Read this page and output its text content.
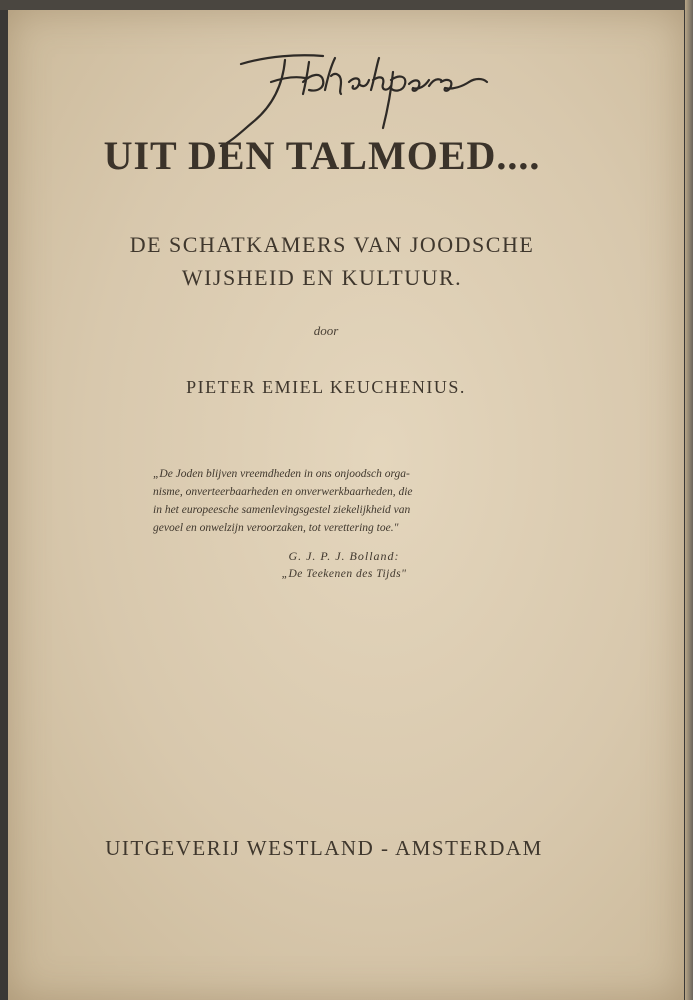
UIT DEN TALMOED....
DE SCHATKAMERS VAN JOODSCHE
WIJSHEID EN KULTUUR.
door
PIETER EMIEL KEUCHENIUS.
„De Joden blijven vreemdheden in ons onjoodsch orga-
nisme, onverteerbaarheden en onverwerkbaarheden, die
in het europeesche samenlevingsgestel ziekelijkheid van
gevoel en onwelzijn veroorzaken, tot verettering toe."
G. J. P. J. Bolland:
„De Teekenen des Tijds"
UITGEVERIJ WESTLAND - AMSTERDAM
